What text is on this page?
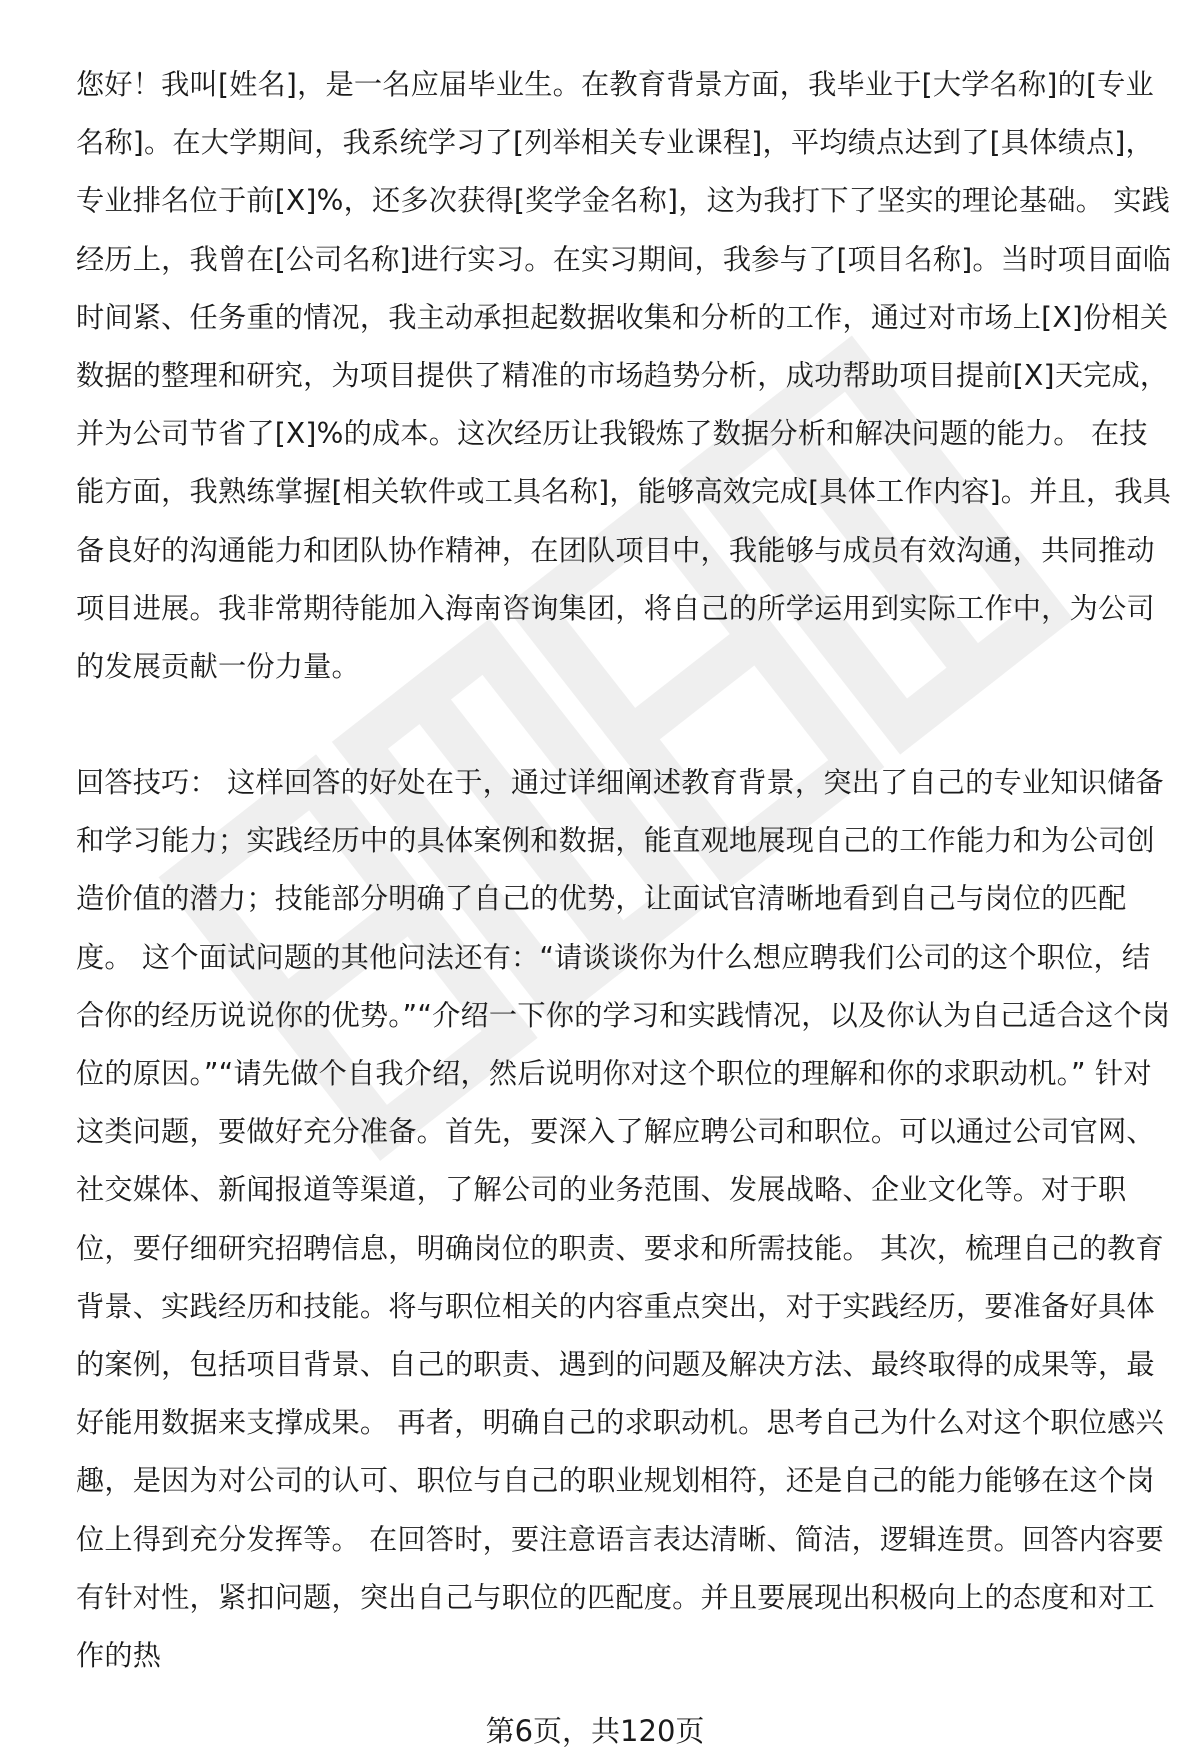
您好！我叫[姓名]，是一名应届毕业生。在教育背景方面，我毕业于[大学名称]的[专业名称]。在大学期间，我系统学习了[列举相关专业课程]，平均绩点达到了[具体绩点]，专业排名位于前[X]%，还多次获得[奖学金名称]，这为我打下了坚实的理论基础。 实践经历上，我曾在[公司名称]进行实习。在实习期间，我参与了[项目名称]。当时项目面临时间紧、任务重的情况，我主动承担起数据收集和分析的工作，通过对市场上[X]份相关数据的整理和研究，为项目提供了精准的市场趋势分析，成功帮助项目提前[X]天完成，并为公司节省了[X]%的成本。这次经历让我锻炼了数据分析和解决问题的能力。 在技能方面，我熟练掌握[相关软件或工具名称]，能够高效完成[具体工作内容]。并且，我具备良好的沟通能力和团队协作精神，在团队项目中，我能够与成员有效沟通，共同推动项目进展。我非常期待能加入海南咨询集团，将自己的所学运用到实际工作中，为公司的发展贡献一份力量。
回答技巧： 这样回答的好处在于，通过详细阐述教育背景，突出了自己的专业知识储备和学习能力；实践经历中的具体案例和数据，能直观地展现自己的工作能力和为公司创造价值的潜力；技能部分明确了自己的优势，让面试官清晰地看到自己与岗位的匹配度。 这个面试问题的其他问法还有：“请谈谈你为什么想应聘我们公司的这个职位，结合你的经历说说你的优势。”“介绍一下你的学习和实践情况，以及你认为自己适合这个岗位的原因。”“请先做个自我介绍，然后说明你对这个职位的理解和你的求职动机。” 针对这类问题，要做好充分准备。首先，要深入了解应聘公司和职位。可以通过公司官网、社交媒体、新闻报道等渠道，了解公司的业务范围、发展战略、企业文化等。对于职位，要仔细研究招聘信息，明确岗位的职责、要求和所需技能。 其次，梳理自己的教育背景、实践经历和技能。将与职位相关的内容重点突出，对于实践经历，要准备好具体的案例，包括项目背景、自己的职责、遇到的问题及解决方法、最终取得的成果等，最好能用数据来支撑成果。 再者，明确自己的求职动机。思考自己为什么对这个职位感兴趣，是因为对公司的认可、职位与自己的职业规划相符，还是自己的能力能够在这个岗位上得到充分发挥等。 在回答时，要注意语言表达清晰、简洁，逻辑连贯。回答内容要有针对性，紧扣问题，突出自己与职位的匹配度。并且要展现出积极向上的态度和对工作的热
第6页，共120页
